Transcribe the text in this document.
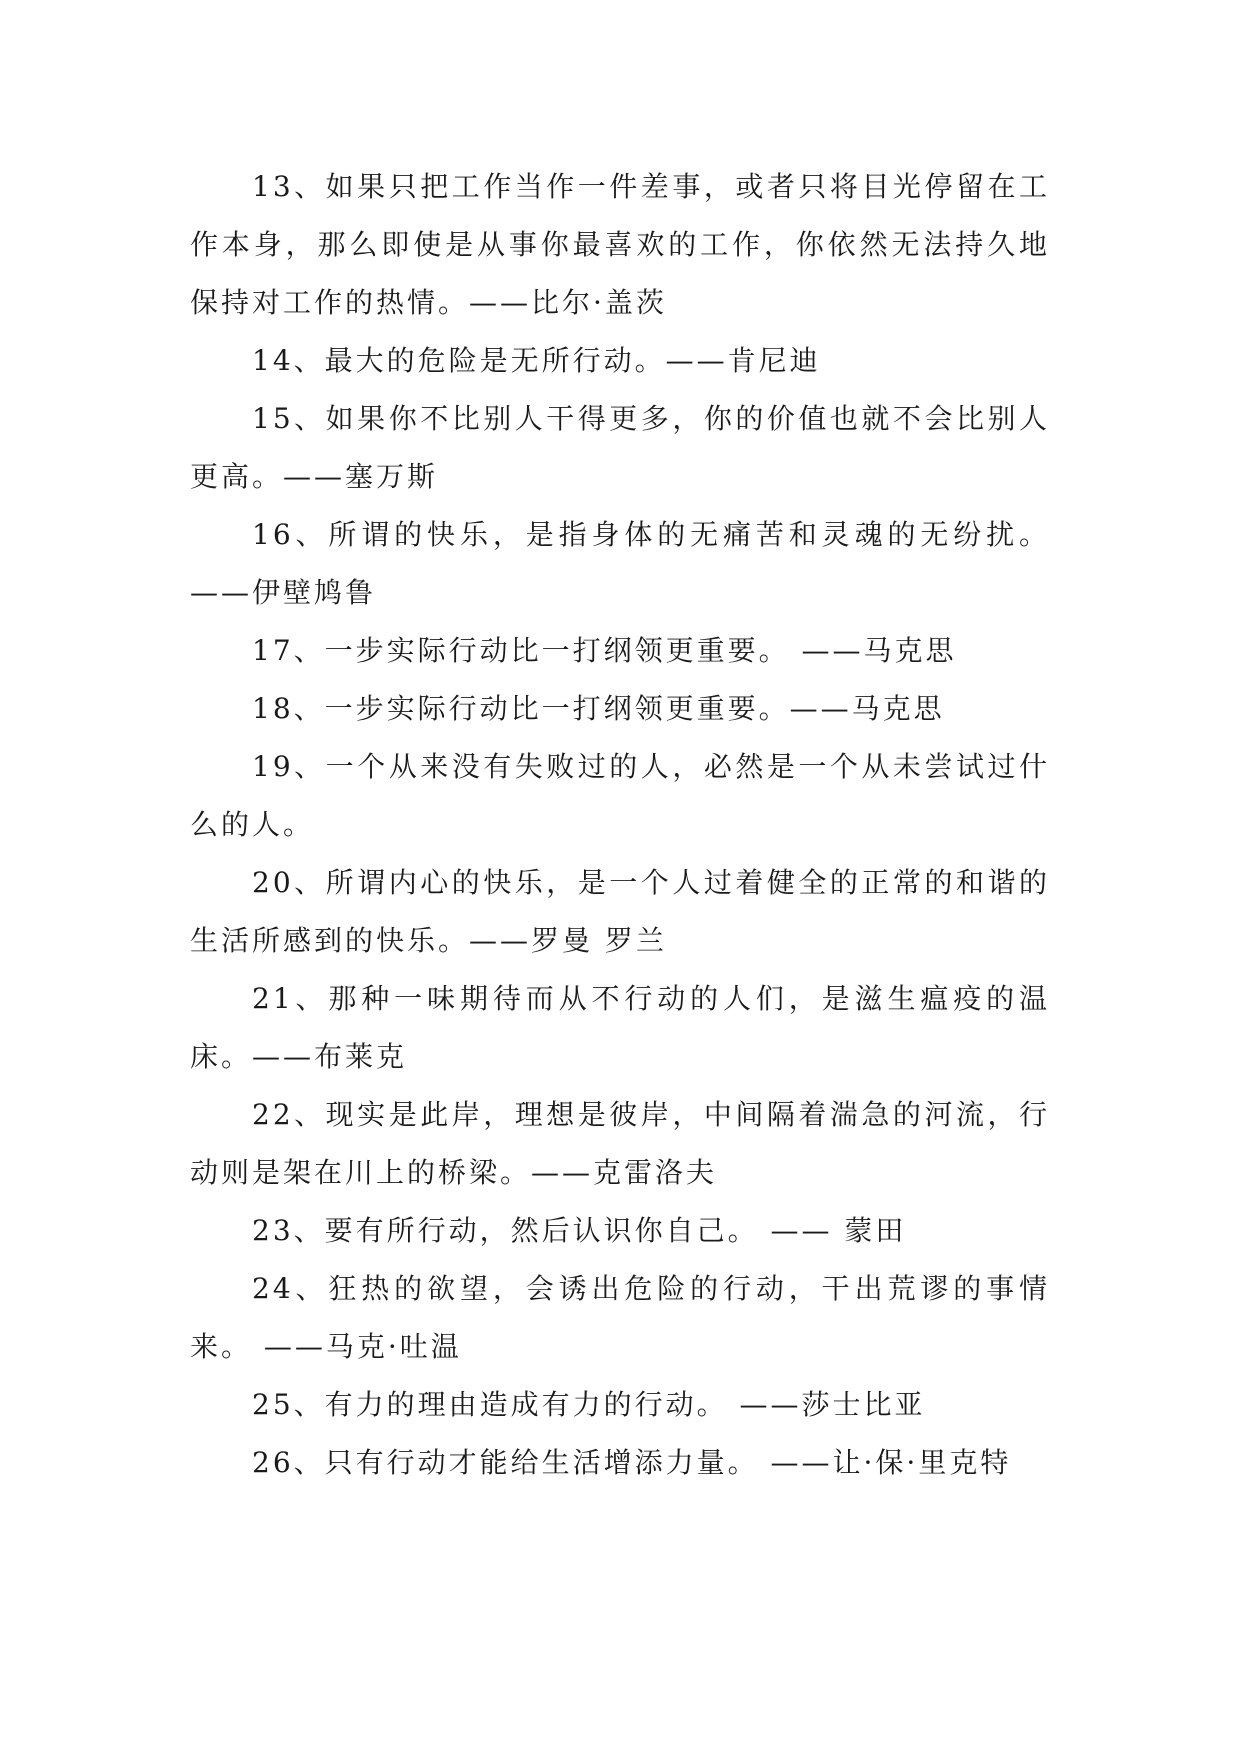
13、如果只把工作当作一件差事，或者只将目光停留在工作本身，那么即使是从事你最喜欢的工作，你依然无法持久地保持对工作的热情。——比尔·盖茨

14、最大的危险是无所行动。——肯尼迪

15、如果你不比别人干得更多，你的价值也就不会比别人更高。——塞万斯

16、所谓的快乐，是指身体的无痛苦和灵魂的无纷扰。——伊壁鸠鲁

17、一步实际行动比一打纲领更重要。 ——马克思

18、一步实际行动比一打纲领更重要。——马克思

19、一个从来没有失败过的人，必然是一个从未尝试过什么的人。

20、所谓内心的快乐，是一个人过着健全的正常的和谐的生活所感到的快乐。——罗曼 罗兰

21、那种一味期待而从不行动的人们，是滋生瘟疫的温床。——布莱克

22、现实是此岸，理想是彼岸，中间隔着湍急的河流，行动则是架在川上的桥梁。——克雷洛夫

23、要有所行动，然后认识你自己。 —— 蒙田

24、狂热的欲望，会诱出危险的行动，干出荒谬的事情来。 ——马克·吐温

25、有力的理由造成有力的行动。 ——莎士比亚

26、只有行动才能给生活增添力量。 ——让·保·里克特
